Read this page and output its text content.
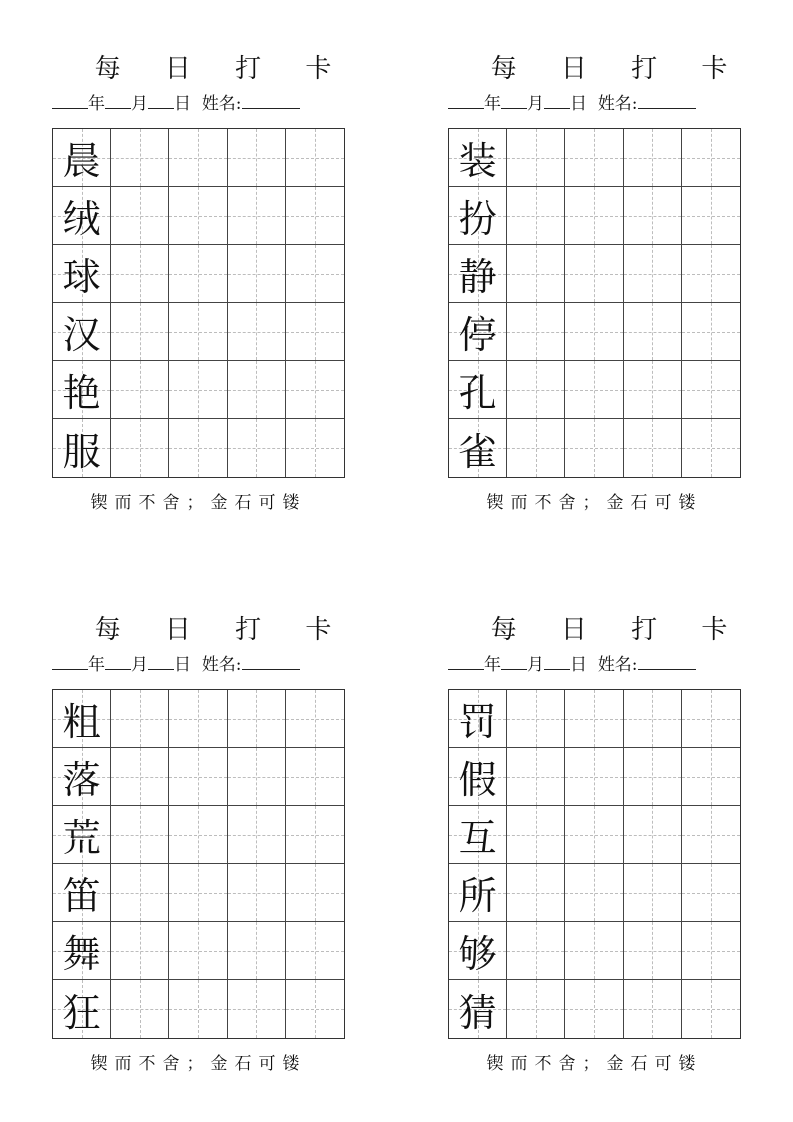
每 日 打 卡
年 月 日 姓名:
晨
绒
球
汉
艳
服
锲而不舍；金石可镂
每 日 打 卡
年 月 日 姓名:
装
扮
静
停
孔
雀
锲而不舍；金石可镂
每 日 打 卡
年 月 日 姓名:
粗
落
荒
笛
舞
狂
锲而不舍；金石可镂
每 日 打 卡
年 月 日 姓名:
罚
假
互
所
够
猜
锲而不舍；金石可镂
